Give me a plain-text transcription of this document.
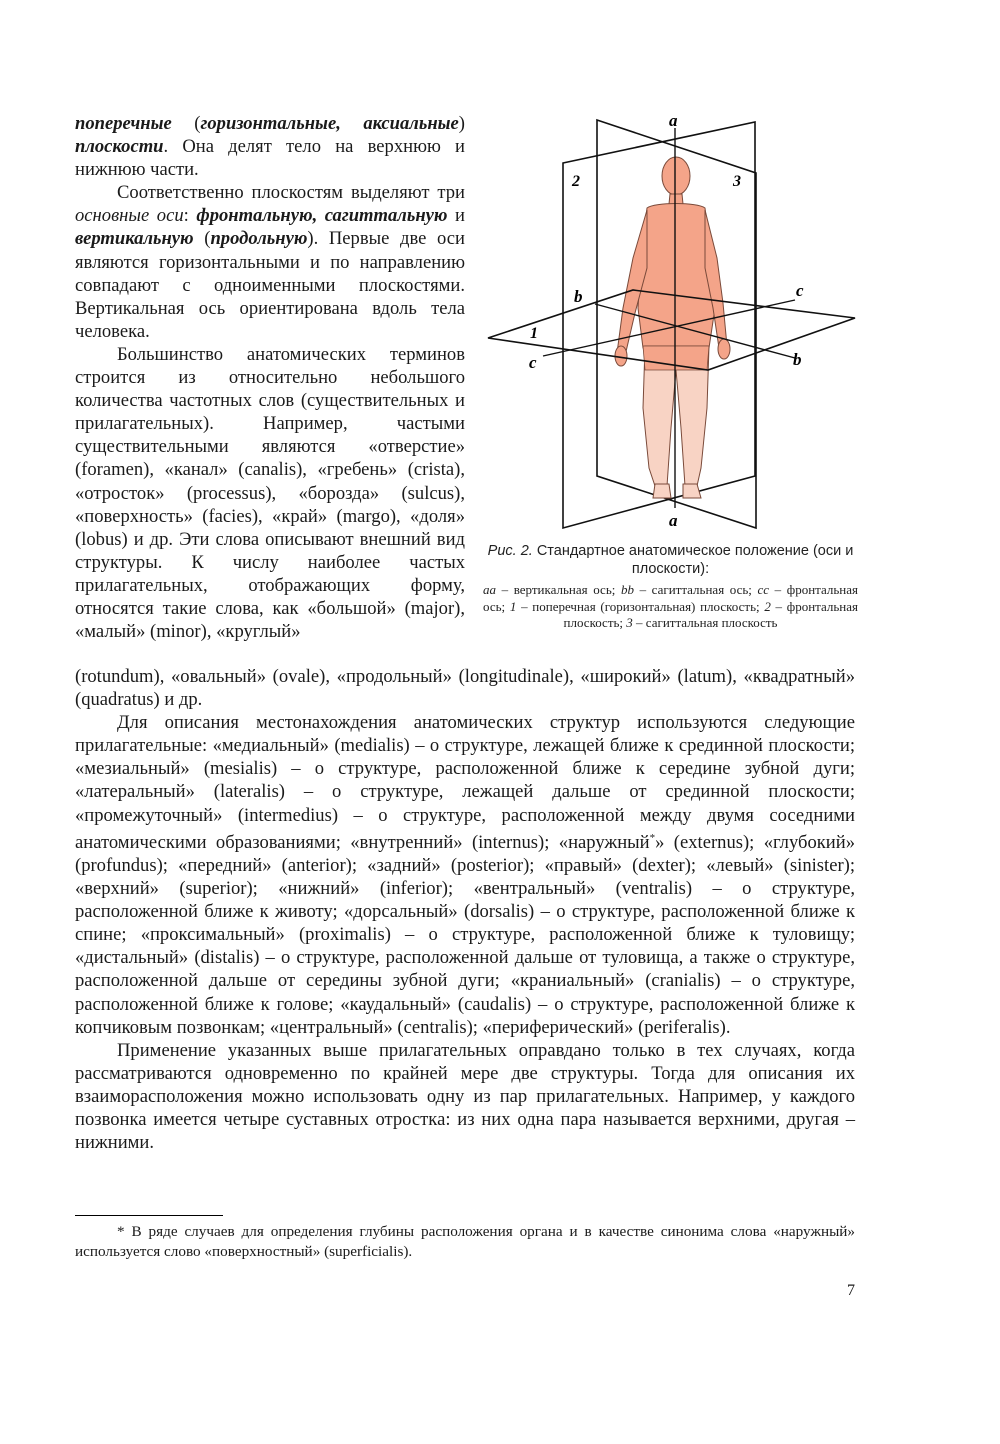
поперечные (горизонтальные, аксиальные) плоскости. Она делят тело на верхнюю и нижнюю части.

Соответственно плоскостям выделяют три основные оси: фронтальную, сагиттальную и вертикальную (продольную). Первые две оси являются горизонтальными и по направлению совпадают с одноименными плоскостями. Вертикальная ось ориентирована вдоль тела человека.

Большинство анатомических терминов строится из относительно небольшого количества частотных слов (существительных и прилагательных). Например, частыми существительными являются «отверстие» (foramen), «канал» (canalis), «гребень» (crista), «отросток» (processus), «борозда» (sulcus), «поверхность» (facies), «край» (margo), «доля» (lobus) и др. Эти слова описывают внешний вид структуры. К числу наиболее частых прилагательных, отображающих форму, относятся такие слова, как «большой» (major), «малый» (minor), «круглый»

a
a
b
b
c
c
1
2	3
Рис. 2. Стандартное анатомическое положение (оси и плоскости):
aa – вертикальная ось; bb – сагиттальная ось; cc – фронтальная ось; 1 – поперечная (горизонтальная) плоскость; 2 – фронтальная плоскость; 3 – сагиттальная плоскость

(rotundum), «овальный» (ovale), «продольный» (longitudinale), «широкий» (latum), «квадратный» (quadratus) и др.

Для описания местонахождения анатомических структур используются следующие прилагательные: «медиальный» (medialis) – о структуре, лежащей ближе к срединной плоскости; «мезиальный» (mesialis) – о структуре, расположенной ближе к середине зубной дуги; «латеральный» (lateralis) – о структуре, лежащей дальше от срединной плоскости; «промежуточный» (intermedius) – о структуре, расположенной между двумя соседними анатомическими образованиями; «внутренний» (internus); «наружный*» (externus); «глубокий» (profundus); «передний» (anterior); «задний» (posterior); «правый» (dexter); «левый» (sinister); «верхний» (superior); «нижний» (inferior); «вентральный» (ventralis) – о структуре, расположенной ближе к животу; «дорсальный» (dorsalis) – о структуре, расположенной ближе к спине; «проксимальный» (proximalis) – о структуре, расположенной ближе к туловищу; «дистальный» (distalis) – о структуре, расположенной дальше от туловища, а также о структуре, расположенной дальше от середины зубной дуги; «краниальный» (cranialis) – о структуре, расположенной ближе к голове; «каудальный» (caudalis) – о структуре, расположенной ближе к копчиковым позвонкам; «центральный» (centralis); «периферический» (periferalis).

Применение указанных выше прилагательных оправдано только в тех случаях, когда рассматриваются одновременно по крайней мере две структуры. Тогда для описания их взаиморасположения можно использовать одну из пар прилагательных. Например, у каждого позвонка имеется четыре суставных отростка: из них одна пара называется верхними, другая – нижними.

* В ряде случаев для определения глубины расположения органа и в качестве синонима слова «наружный» используется слово «поверхностный» (superficialis).
7
